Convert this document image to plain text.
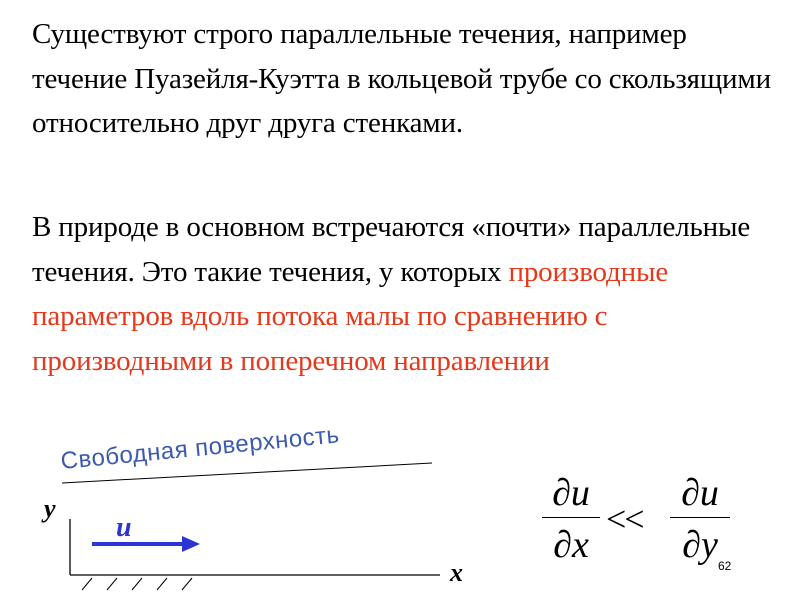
Существуют строго параллельные течения, например течение Пуазейля-Куэтта в кольцевой трубе со скользящими относительно друг друга стенками.

В природе в основном встречаются «почти» параллельные течения. Это такие течения, у которых производные параметров вдоль потока малы по сравнению с производными в поперечном направлении

Свободная поверхность
y
x
u
∂u
∂x
<<
∂u
∂y 62
